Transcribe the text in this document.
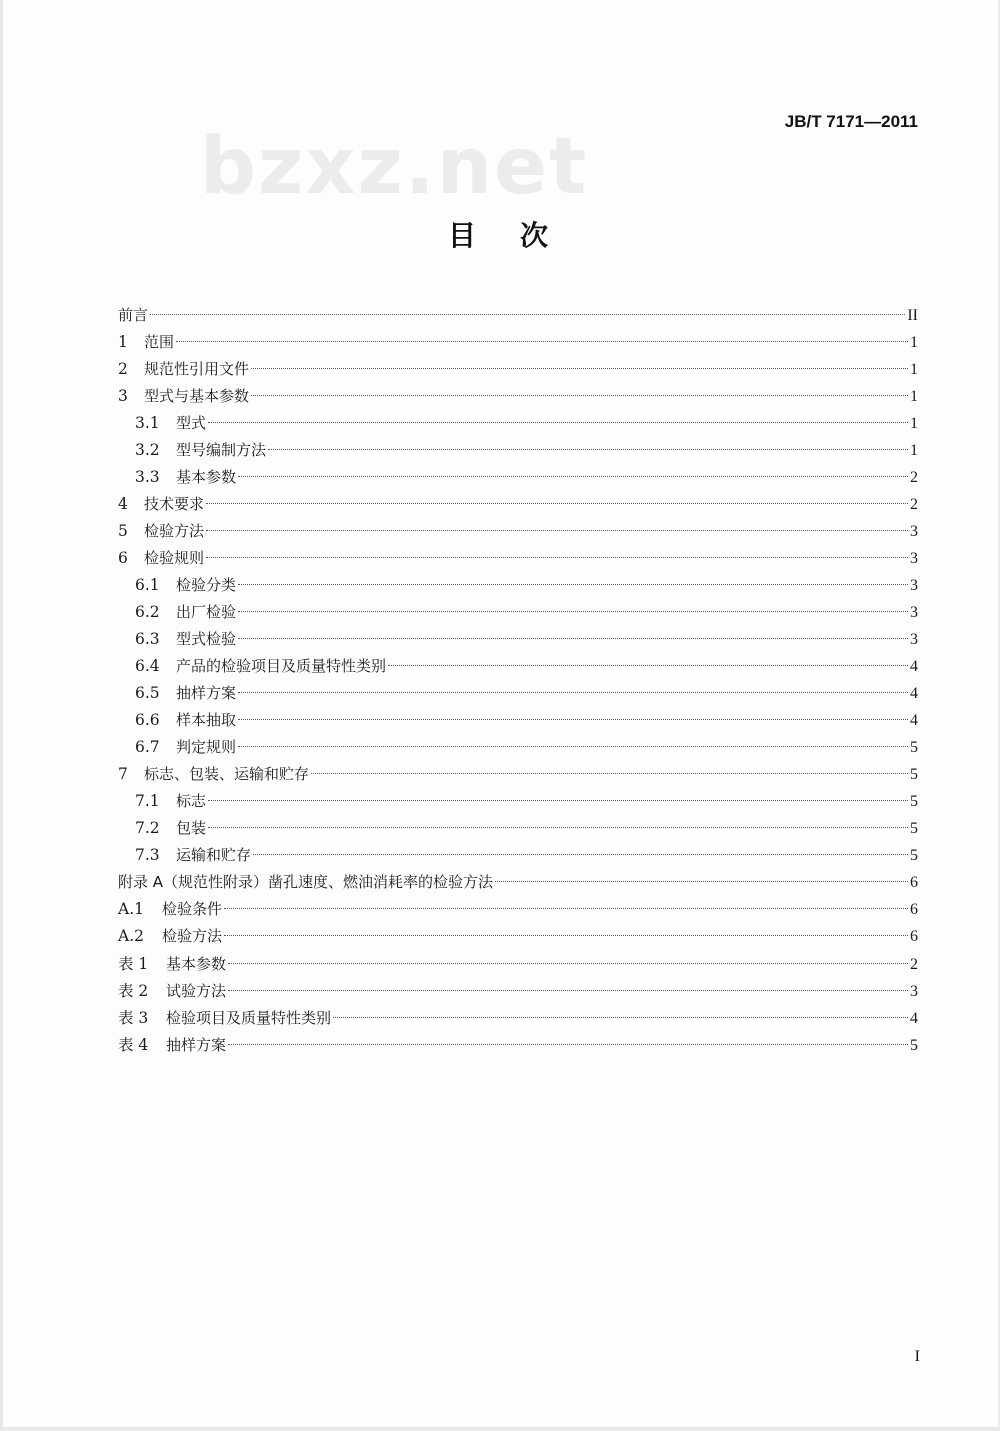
bzxz.net
JB/T 7171—2011
目次
前言	II
1 范围	1
2 规范性引用文件	1
3 型式与基本参数	1
3.1 型式	1
3.2 型号编制方法	1
3.3 基本参数	2
4 技术要求	2
5 检验方法	3
6 检验规则	3
6.1 检验分类	3
6.2 出厂检验	3
6.3 型式检验	3
6.4 产品的检验项目及质量特性类别	4
6.5 抽样方案	4
6.6 样本抽取	4
6.7 判定规则	5
7 标志、包装、运输和贮存	5
7.1 标志	5
7.2 包装	5
7.3 运输和贮存	5
附录 A（规范性附录）凿孔速度、燃油消耗率的检验方法	6
A.1 检验条件	6
A.2 检验方法	6
表 1 基本参数	2
表 2 试验方法	3
表 3 检验项目及质量特性类别	4
表 4 抽样方案	5
I
